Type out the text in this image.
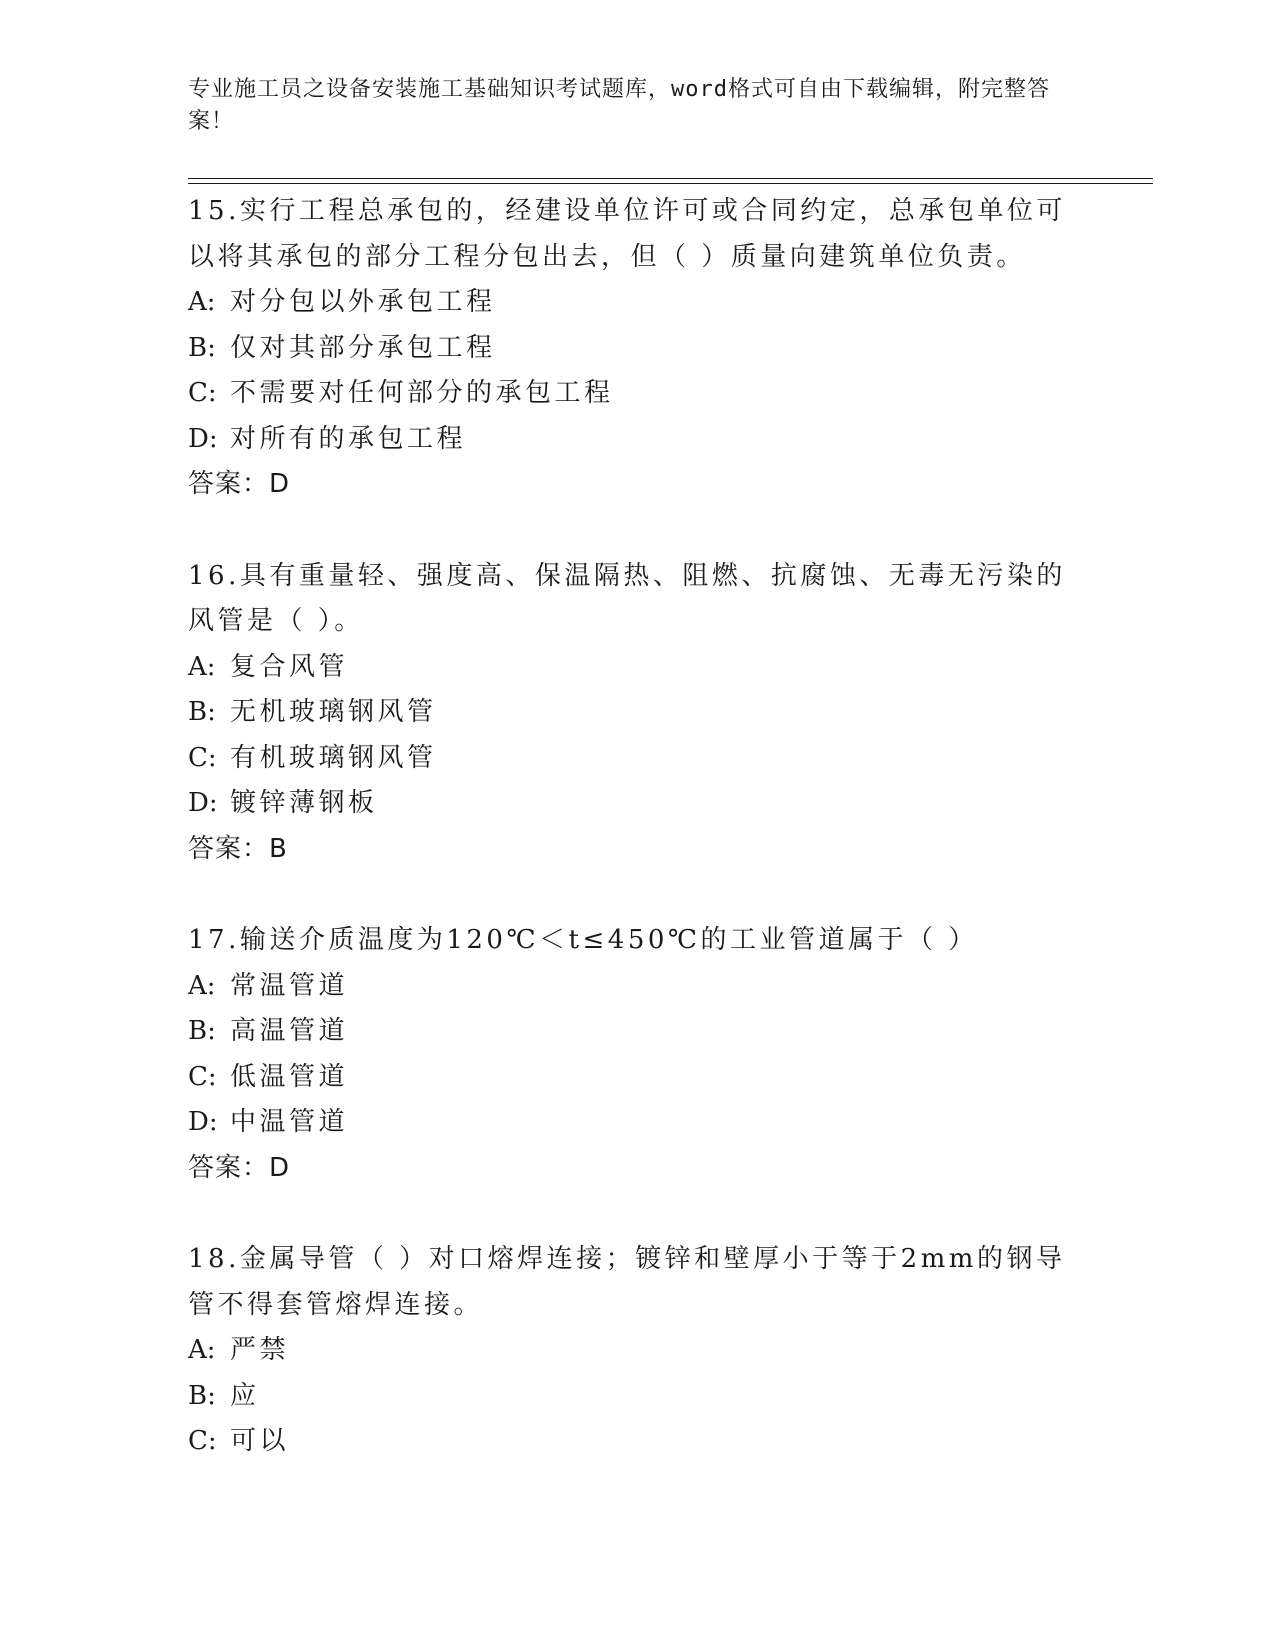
专业施工员之设备安装施工基础知识考试题库，word格式可自由下载编辑，附完整答案！

15.实行工程总承包的，经建设单位许可或合同约定，总承包单位可以将其承包的部分工程分包出去，但（ ）质量向建筑单位负责。

A: 对分包以外承包工程

B: 仅对其部分承包工程

C: 不需要对任何部分的承包工程

D: 对所有的承包工程

答案：D

16.具有重量轻、强度高、保温隔热、阻燃、抗腐蚀、无毒无污染的风管是（ ）。

A: 复合风管

B: 无机玻璃钢风管

C: 有机玻璃钢风管

D: 镀锌薄钢板

答案：B

17.输送介质温度为120℃＜t≤450℃的工业管道属于（ ）

A: 常温管道

B: 高温管道

C: 低温管道

D: 中温管道

答案：D

18.金属导管（ ）对口熔焊连接；镀锌和壁厚小于等于2mm的钢导管不得套管熔焊连接。

A: 严禁

B: 应

C: 可以
